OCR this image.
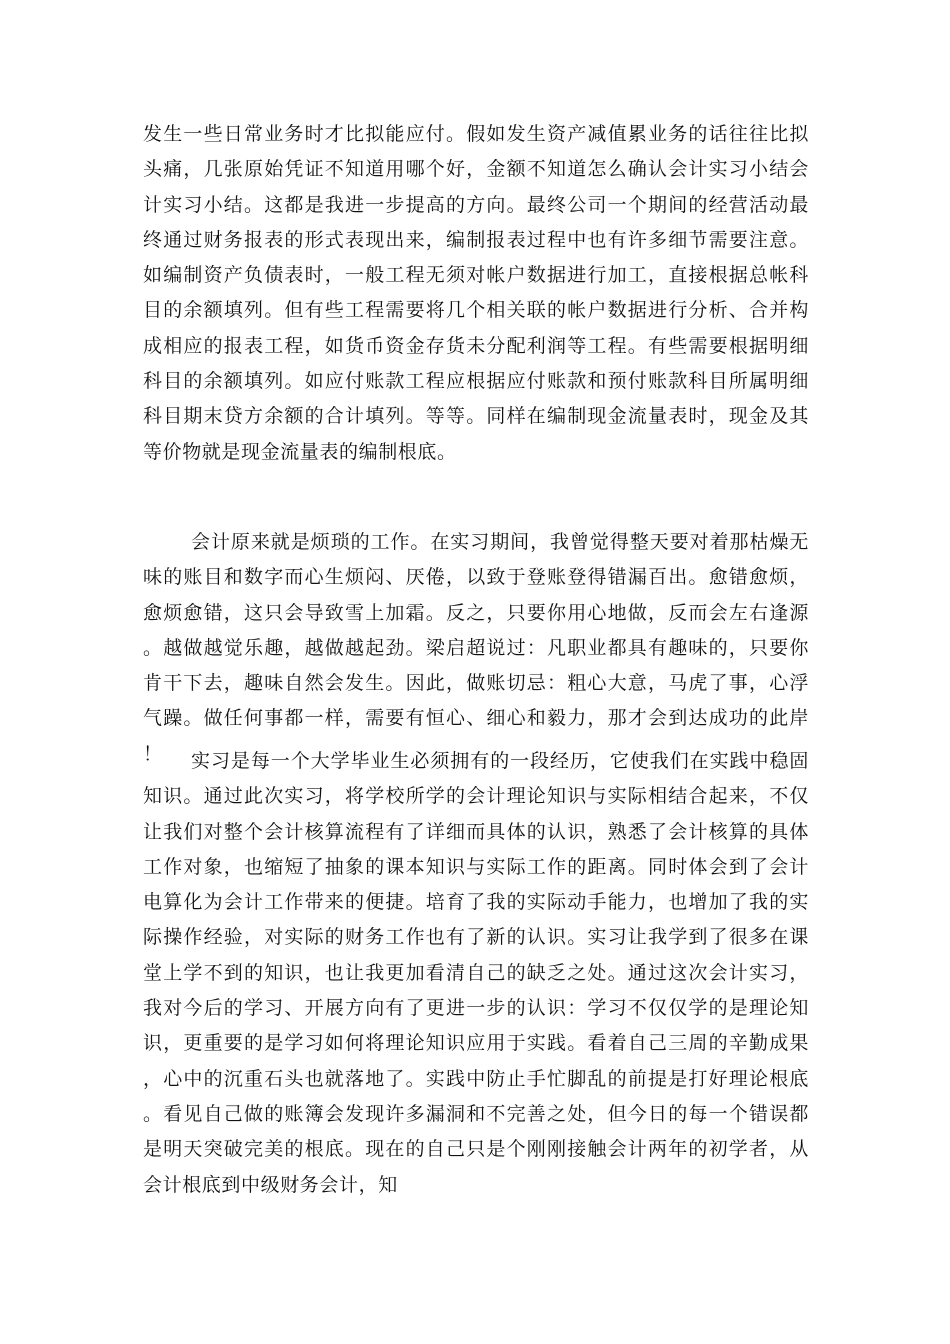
发生一些日常业务时才比拟能应付。假如发生资产减值累业务的话往往比拟头痛，几张原始凭证不知道用哪个好，金额不知道怎么确认会计实习小结会计实习小结。这都是我进一步提高的方向。最终公司一个期间的经营活动最终通过财务报表的形式表现出来，编制报表过程中也有许多细节需要注意。如编制资产负债表时，一般工程无须对帐户数据进行加工，直接根据总帐科目的余额填列。但有些工程需要将几个相关联的帐户数据进行分析、合并构成相应的报表工程，如货币资金存货未分配利润等工程。有些需要根据明细科目的余额填列。如应付账款工程应根据应付账款和预付账款科目所属明细科目期末贷方余额的合计填列。等等。同样在编制现金流量表时，现金及其等价物就是现金流量表的编制根底。

会计原来就是烦琐的工作。在实习期间，我曾觉得整天要对着那枯燥无味的账目和数字而心生烦闷、厌倦，以致于登账登得错漏百出。愈错愈烦，愈烦愈错，这只会导致雪上加霜。反之，只要你用心地做，反而会左右逢源。越做越觉乐趣，越做越起劲。梁启超说过：凡职业都具有趣味的，只要你肯干下去，趣味自然会发生。因此，做账切忌：粗心大意，马虎了事，心浮气躁。做任何事都一样，需要有恒心、细心和毅力，那才会到达成功的此岸！	实习是每一个大学毕业生必须拥有的一段经历，它使我们在实践中稳固知识。通过此次实习，将学校所学的会计理论知识与实际相结合起来，不仅让我们对整个会计核算流程有了详细而具体的认识，熟悉了会计核算的具体工作对象，也缩短了抽象的课本知识与实际工作的距离。同时体会到了会计电算化为会计工作带来的便捷。培育了我的实际动手能力，也增加了我的实际操作经验，对实际的财务工作也有了新的认识。实习让我学到了很多在课堂上学不到的知识，也让我更加看清自己的缺乏之处。通过这次会计实习，我对今后的学习、开展方向有了更进一步的认识：学习不仅仅学的是理论知识，更重要的是学习如何将理论知识应用于实践。看着自己三周的辛勤成果，心中的沉重石头也就落地了。实践中防止手忙脚乱的前提是打好理论根底。看见自己做的账簿会发现许多漏洞和不完善之处，但今日的每一个错误都是明天突破完美的根底。现在的自己只是个刚刚接触会计两年的初学者，从会计根底到中级财务会计，知
